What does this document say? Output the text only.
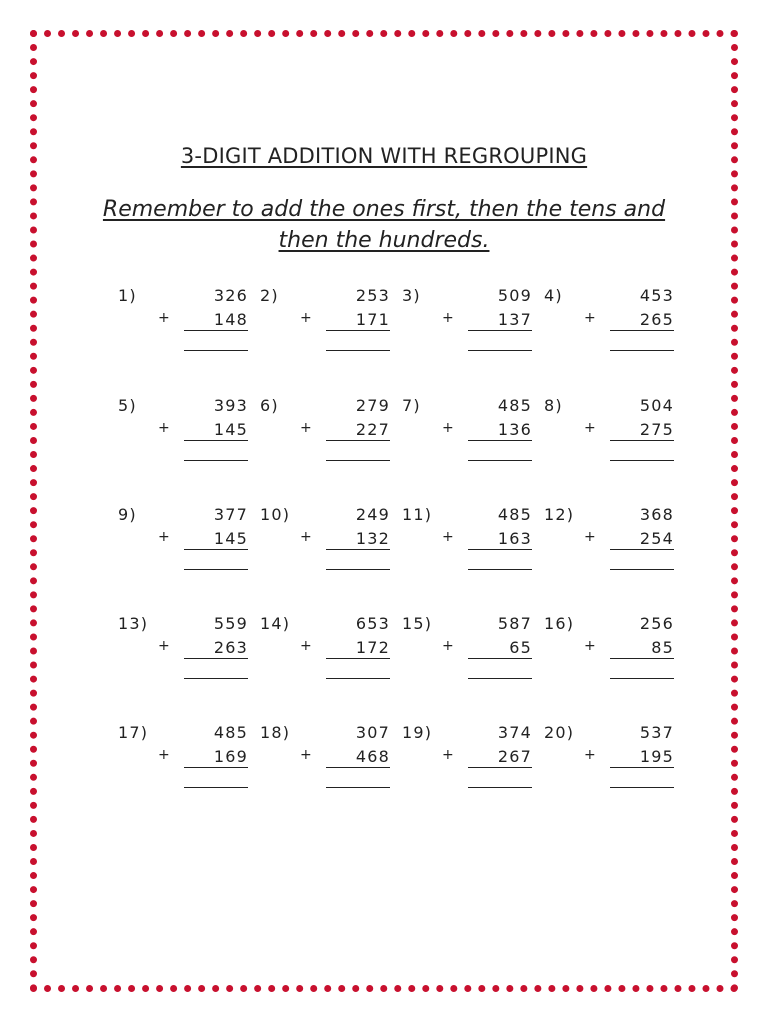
3-DIGIT ADDITION WITH REGROUPING
Remember to add the ones first, then the tens and
then the hundreds.
1)	326
+	148
2)	253
+	171
3)	509
+	137
4)	453
+	265
5)	393
+	145
6)	279
+	227
7)	485
+	136
8)	504
+	275
9)	377
+	145
10)	249
+	132
11)	485
+	163
12)	368
+	254
13)	559
+	263
14)	653
+	172
15)	587
+	65
16)	256
+	85
17)	485
+	169
18)	307
+	468
19)	374
+	267
20)	537
+	195
